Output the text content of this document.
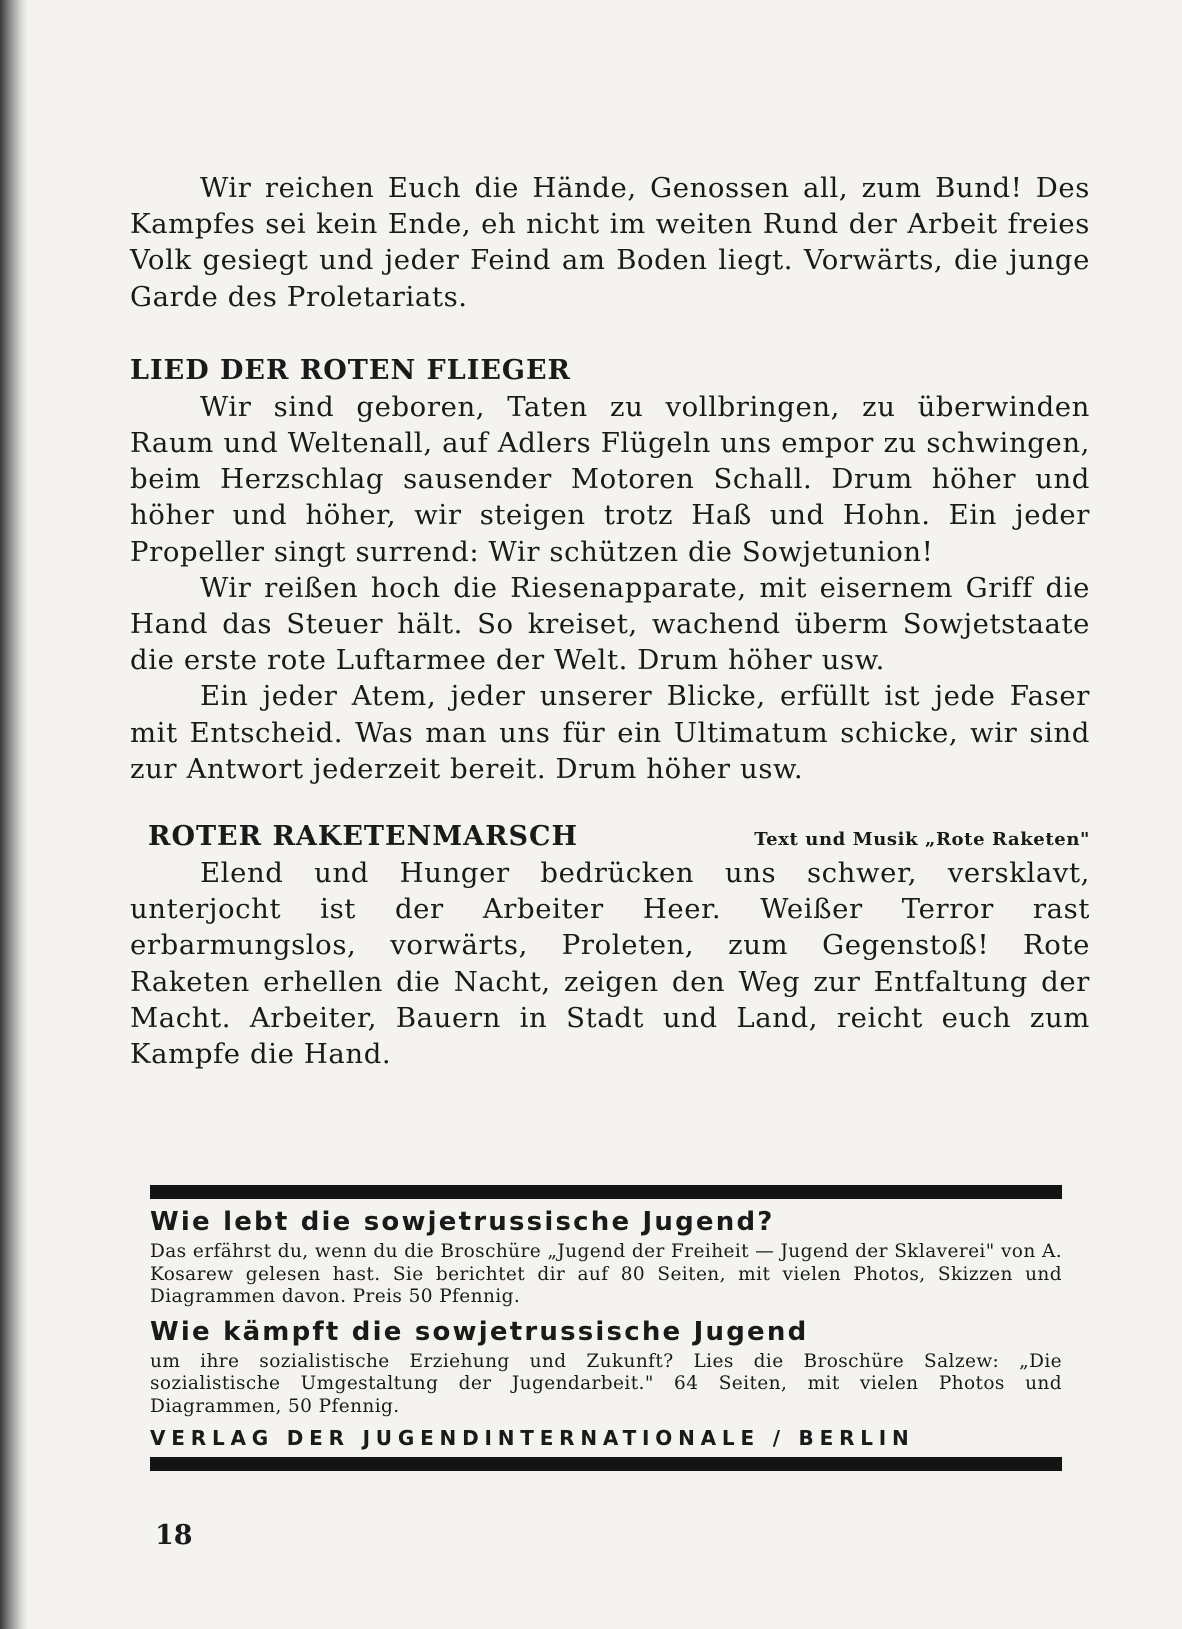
Wir reichen Euch die Hände, Genossen all, zum Bund! Des Kampfes sei kein Ende, eh nicht im weiten Rund der Arbeit freies Volk gesiegt und jeder Feind am Boden liegt. Vorwärts, die junge Garde des Proletariats.

LIED DER ROTEN FLIEGER

Wir sind geboren, Taten zu vollbringen, zu überwinden Raum und Weltenall, auf Adlers Flügeln uns empor zu schwingen, beim Herzschlag sausender Motoren Schall. Drum höher und höher und höher, wir steigen trotz Haß und Hohn. Ein jeder Propeller singt surrend: Wir schützen die Sowjetunion!

Wir reißen hoch die Riesenapparate, mit eisernem Griff die Hand das Steuer hält. So kreiset, wachend überm Sowjetstaate die erste rote Luftarmee der Welt. Drum höher usw.

Ein jeder Atem, jeder unserer Blicke, erfüllt ist jede Faser mit Entscheid. Was man uns für ein Ultimatum schicke, wir sind zur Antwort jederzeit bereit. Drum höher usw.

ROTER RAKETENMARSCH	Text und Musik „Rote Raketen"

Elend und Hunger bedrücken uns schwer, versklavt, unterjocht ist der Arbeiter Heer. Weißer Terror rast erbarmungslos, vorwärts, Proleten, zum Gegenstoß! Rote Raketen erhellen die Nacht, zeigen den Weg zur Entfaltung der Macht. Arbeiter, Bauern in Stadt und Land, reicht euch zum Kampfe die Hand.

Wie lebt die sowjetrussische Jugend?

Das erfährst du, wenn du die Broschüre „Jugend der Freiheit — Jugend der Sklaverei" von A. Kosarew gelesen hast. Sie berichtet dir auf 80 Seiten, mit vielen Photos, Skizzen und Diagrammen davon. Preis 50 Pfennig.

Wie kämpft die sowjetrussische Jugend

um ihre sozialistische Erziehung und Zukunft? Lies die Broschüre Salzew: „Die sozialistische Umgestaltung der Jugendarbeit." 64 Seiten, mit vielen Photos und Diagrammen, 50 Pfennig.

VERLAG DER JUGENDINTERNATIONALE / BERLIN

18
